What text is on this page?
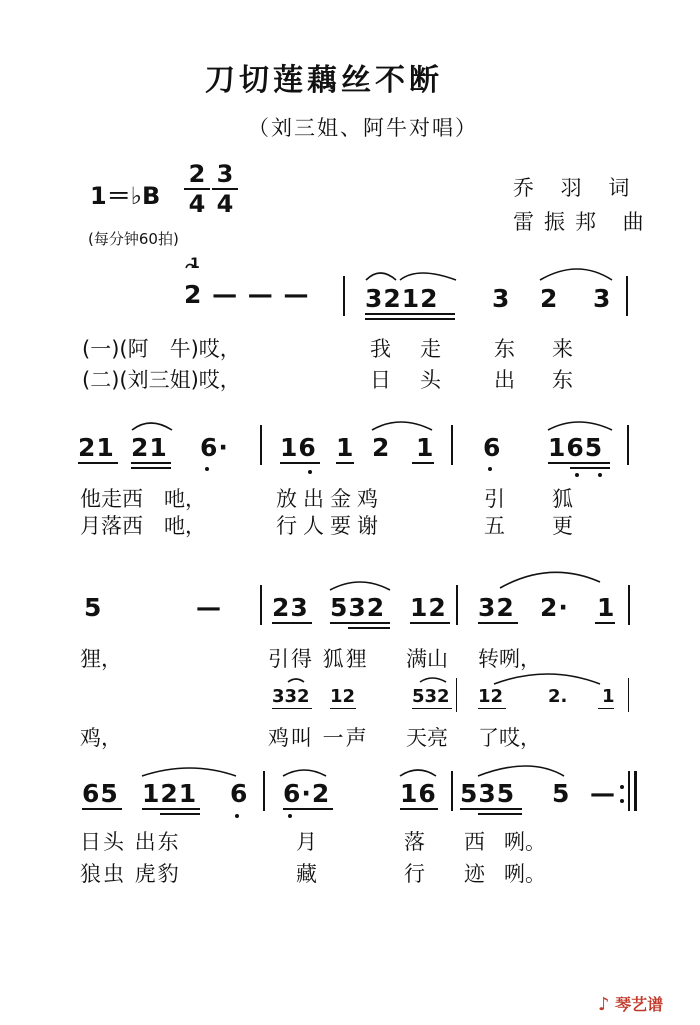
刀切莲藕丝不断
（刘三姐、阿牛对唱）
乔 羽 词
雷振邦 曲
1＝♭B
2
4
3
4
(每分钟60拍)
1
2 — — — 3212 3 2 3
(一)(阿　牛)哎，	我 走	东 来
(二)(刘三姐)哎，	日 头	出 东
21 21 6· 16 1 2 1 6 165
他走西　吔，	放出金鸡	引 狐
月落西　吔，	行人要谢	五 更
5	— 23 532 12 32 2· 1
狸，	引得 狐狸 满山 转咧，
332 12	532 12 2. 1
鸡，	鸡叫 一声 天亮 了哎，
65 121 6 6·2	16 535 5 —
日头 出东	月	落 西 咧。
狼虫 虎豹	藏	行 迹 咧。
♪ 琴艺谱
